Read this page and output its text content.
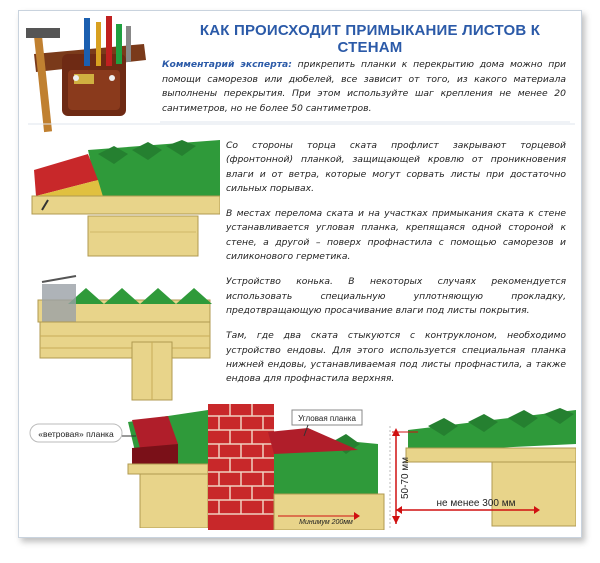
КАК ПРОИСХОДИТ ПРИМЫКАНИЕ ЛИСТОВ К СТЕНАМ
Комментарий эксперта: прикрепить планки к перекрытию дома можно при помощи саморезов или дюбелей, все зависит от того, из какого материала выполнены перекрытия. При этом используйте шаг крепления не менее 20 сантиметров, но не более 50 сантиметров.

Со стороны торца ската профлист закрывают торцевой (фронтонной) планкой, защищающей кровлю от проникновения влаги и от ветра, которые могут сорвать листы при достаточно сильных порывах.

В местах перелома ската и на участках примыкания ската к стене устанавливается угловая планка, крепящаяся одной стороной к стене, а другой – поверх профнастила с помощью саморезов и силиконового герметика.

Устройство конька. В некоторых случаях рекомендуется использовать специальную уплотняющую прокладку, предотвращающую просачивание влаги под листы покрытия.

Там, где два ската стыкуются с контруклоном, необходимо устройство ендовы. Для этого используется специальная планка нижней ендовы, устанавливаемая под листы профнастила, а также ендова для профнастила верхняя.

«ветровая» планка
Угловая планка
Минимум 200мм
50-70 мм
не менее 300 мм
